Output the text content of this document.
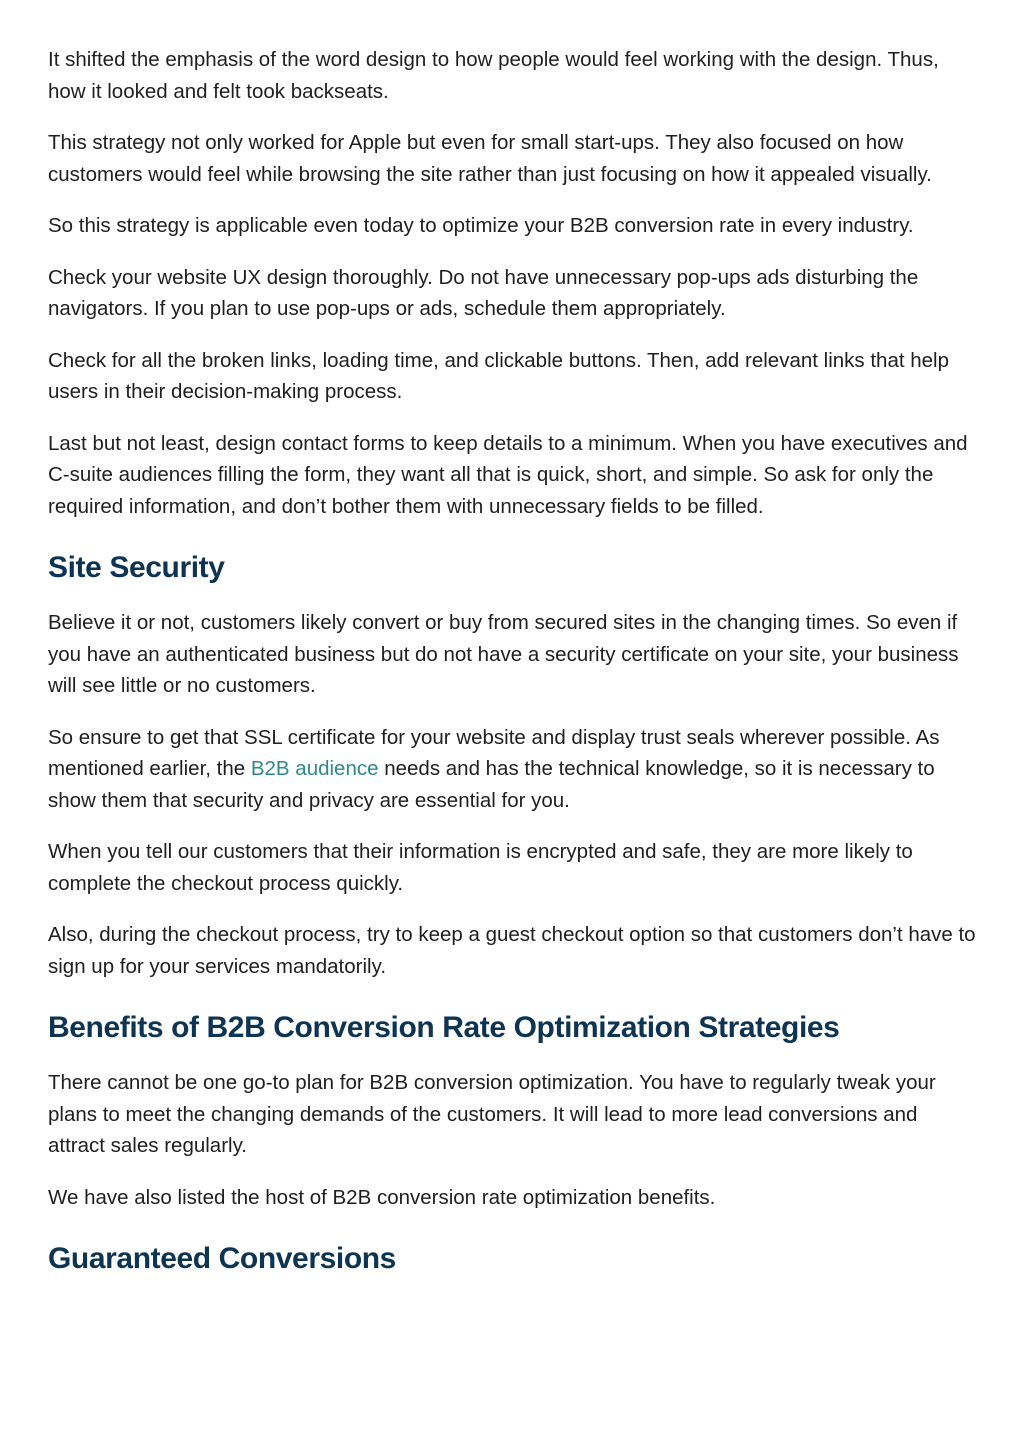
It shifted the emphasis of the word design to how people would feel working with the design. Thus, how it looked and felt took backseats.

This strategy not only worked for Apple but even for small start-ups. They also focused on how customers would feel while browsing the site rather than just focusing on how it appealed visually.

So this strategy is applicable even today to optimize your B2B conversion rate in every industry.

Check your website UX design thoroughly. Do not have unnecessary pop-ups ads disturbing the navigators. If you plan to use pop-ups or ads, schedule them appropriately.

Check for all the broken links, loading time, and clickable buttons. Then, add relevant links that help users in their decision-making process.

Last but not least, design contact forms to keep details to a minimum. When you have executives and C-suite audiences filling the form, they want all that is quick, short, and simple. So ask for only the required information, and don’t bother them with unnecessary fields to be filled.

Site Security

Believe it or not, customers likely convert or buy from secured sites in the changing times. So even if you have an authenticated business but do not have a security certificate on your site, your business will see little or no customers.

So ensure to get that SSL certificate for your website and display trust seals wherever possible. As mentioned earlier, the B2B audience needs and has the technical knowledge, so it is necessary to show them that security and privacy are essential for you.

When you tell our customers that their information is encrypted and safe, they are more likely to complete the checkout process quickly.

Also, during the checkout process, try to keep a guest checkout option so that customers don’t have to sign up for your services mandatorily.

Benefits of B2B Conversion Rate Optimization Strategies

There cannot be one go-to plan for B2B conversion optimization. You have to regularly tweak your plans to meet the changing demands of the customers. It will lead to more lead conversions and attract sales regularly.

We have also listed the host of B2B conversion rate optimization benefits.

Guaranteed Conversions
